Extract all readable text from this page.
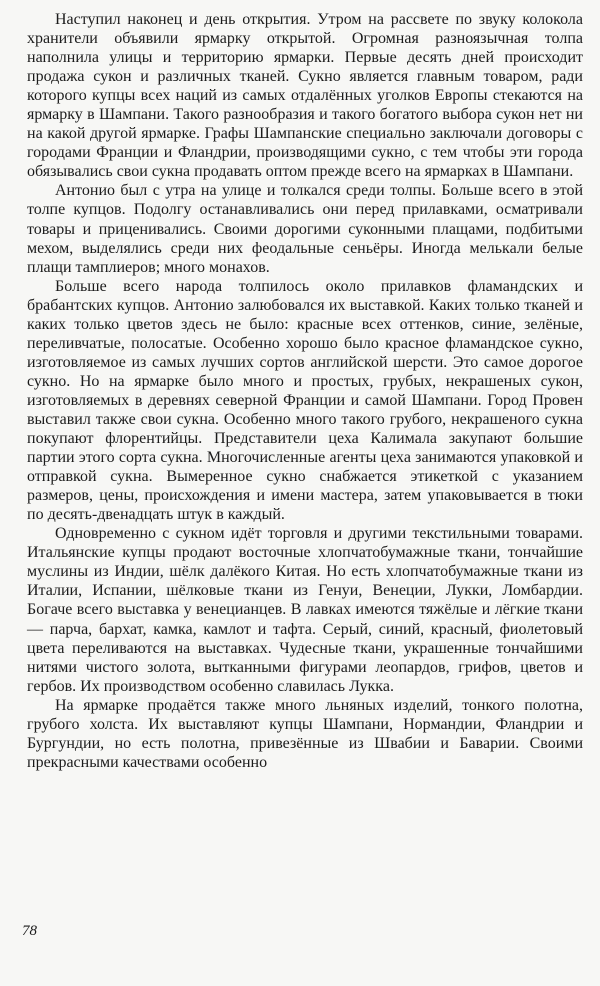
Наступил наконец и день открытия. Утром на рассвете по звуку колокола хранители объявили ярмарку открытой. Огромная разноязычная толпа наполнила улицы и территорию ярмарки. Первые десять дней происходит продажа сукон и различных тканей. Сукно является главным товаром, ради которого купцы всех наций из самых отдалённых уголков Европы стекаются на ярмарку в Шампани. Такого разнообразия и такого богатого выбора сукон нет ни на какой другой ярмарке. Графы Шампанские специально заключали договоры с городами Франции и Фландрии, производящими сукно, с тем чтобы эти города обязывались свои сукна продавать оптом прежде всего на ярмарках в Шампани.

Антонио был с утра на улице и толкался среди толпы. Больше всего в этой толпе купцов. Подолгу останавливались они перед прилавками, осматривали товары и приценивались. Своими дорогими суконными плащами, подбитыми мехом, выделялись среди них феодальные сеньёры. Иногда мелькали белые плащи тамплиеров; много монахов.

Больше всего народа толпилось около прилавков фламандских и брабантских купцов. Антонио залюбовался их выставкой. Каких только тканей и каких только цветов здесь не было: красные всех оттенков, синие, зелёные, переливчатые, полосатые. Особенно хорошо было красное фламандское сукно, изготовляемое из самых лучших сортов английской шерсти. Это самое дорогое сукно. Но на ярмарке было много и простых, грубых, некрашеных сукон, изготовляемых в деревнях северной Франции и самой Шампани. Город Провен выставил также свои сукна. Особенно много такого грубого, некрашеного сукна покупают флорентийцы. Представители цеха Калимала закупают большие партии этого сорта сукна. Многочисленные агенты цеха занимаются упаковкой и отправкой сукна. Вымеренное сукно снабжается этикеткой с указанием размеров, цены, происхождения и имени мастера, затем упаковывается в тюки по десять-двенадцать штук в каждый.

Одновременно с сукном идёт торговля и другими текстильными товарами. Итальянские купцы продают восточные хлопчатобумажные ткани, тончайшие муслины из Индии, шёлк далёкого Китая. Но есть хлопчатобумажные ткани из Италии, Испании, шёлковые ткани из Генуи, Венеции, Лукки, Ломбардии. Богаче всего выставка у венецианцев. В лавках имеются тяжёлые и лёгкие ткани — парча, бархат, камка, камлот и тафта. Серый, синий, красный, фиолетовый цвета переливаются на выставках. Чудесные ткани, украшенные тончайшими нитями чистого золота, вытканными фигурами леопардов, грифов, цветов и гербов. Их производством особенно славилась Лукка.

На ярмарке продаётся также много льняных изделий, тонкого полотна, грубого холста. Их выставляют купцы Шампани, Нормандии, Фландрии и Бургундии, но есть полотна, привезённые из Швабии и Баварии. Своими прекрасными качествами особенно

78
